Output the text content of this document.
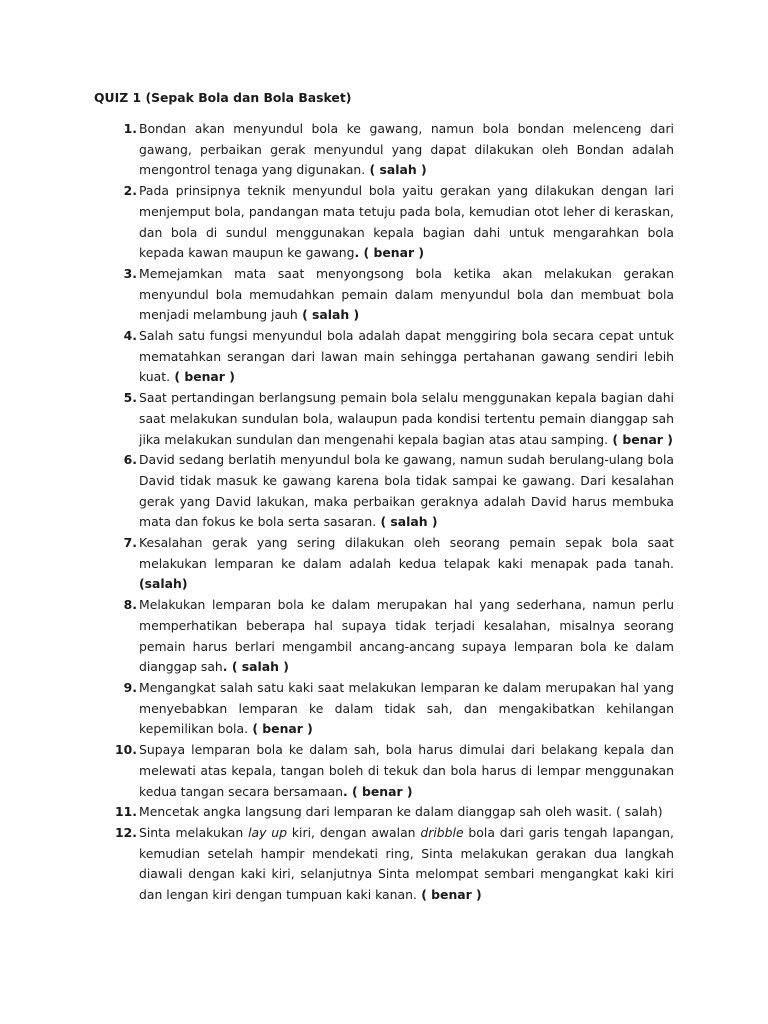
QUIZ 1 (Sepak Bola dan Bola Basket)

1. Bondan akan menyundul bola ke gawang, namun bola bondan melenceng dari gawang, perbaikan gerak menyundul yang dapat dilakukan oleh Bondan adalah mengontrol tenaga yang digunakan. ( salah )
2. Pada prinsipnya teknik menyundul bola yaitu gerakan yang dilakukan dengan lari menjemput bola, pandangan mata tetuju pada bola, kemudian otot leher di keraskan, dan bola di sundul menggunakan kepala bagian dahi untuk mengarahkan bola kepada kawan maupun ke gawang. ( benar )
3. Memejamkan mata saat menyongsong bola ketika akan melakukan gerakan menyundul bola memudahkan pemain dalam menyundul bola dan membuat bola menjadi melambung jauh ( salah )
4. Salah satu fungsi menyundul bola adalah dapat menggiring bola secara cepat untuk mematahkan serangan dari lawan main sehingga pertahanan gawang sendiri lebih kuat. ( benar )
5. Saat pertandingan berlangsung pemain bola selalu menggunakan kepala bagian dahi saat melakukan sundulan bola, walaupun pada kondisi tertentu pemain dianggap sah jika melakukan sundulan dan mengenahi kepala bagian atas atau samping. ( benar )
6. David sedang berlatih menyundul bola ke gawang, namun sudah berulang-ulang bola David tidak masuk ke gawang karena bola tidak sampai ke gawang. Dari kesalahan gerak yang David lakukan, maka perbaikan geraknya adalah David harus membuka mata dan fokus ke bola serta sasaran. ( salah )
7. Kesalahan gerak yang sering dilakukan oleh seorang pemain sepak bola saat melakukan lemparan ke dalam adalah kedua telapak kaki menapak pada tanah. (salah)
8. Melakukan lemparan bola ke dalam merupakan hal yang sederhana, namun perlu memperhatikan beberapa hal supaya tidak terjadi kesalahan, misalnya seorang pemain harus berlari mengambil ancang-ancang supaya lemparan bola ke dalam dianggap sah. ( salah )
9. Mengangkat salah satu kaki saat melakukan lemparan ke dalam merupakan hal yang menyebabkan lemparan ke dalam tidak sah, dan mengakibatkan kehilangan kepemilikan bola. ( benar )
10. Supaya lemparan bola ke dalam sah, bola harus dimulai dari belakang kepala dan melewati atas kepala, tangan boleh di tekuk dan bola harus di lempar menggunakan kedua tangan secara bersamaan. ( benar )
11. Mencetak angka langsung dari lemparan ke dalam dianggap sah oleh wasit. ( salah)
12. Sinta melakukan lay up kiri, dengan awalan dribble bola dari garis tengah lapangan, kemudian setelah hampir mendekati ring, Sinta melakukan gerakan dua langkah diawali dengan kaki kiri, selanjutnya Sinta melompat sembari mengangkat kaki kiri dan lengan kiri dengan tumpuan kaki kanan. ( benar )
